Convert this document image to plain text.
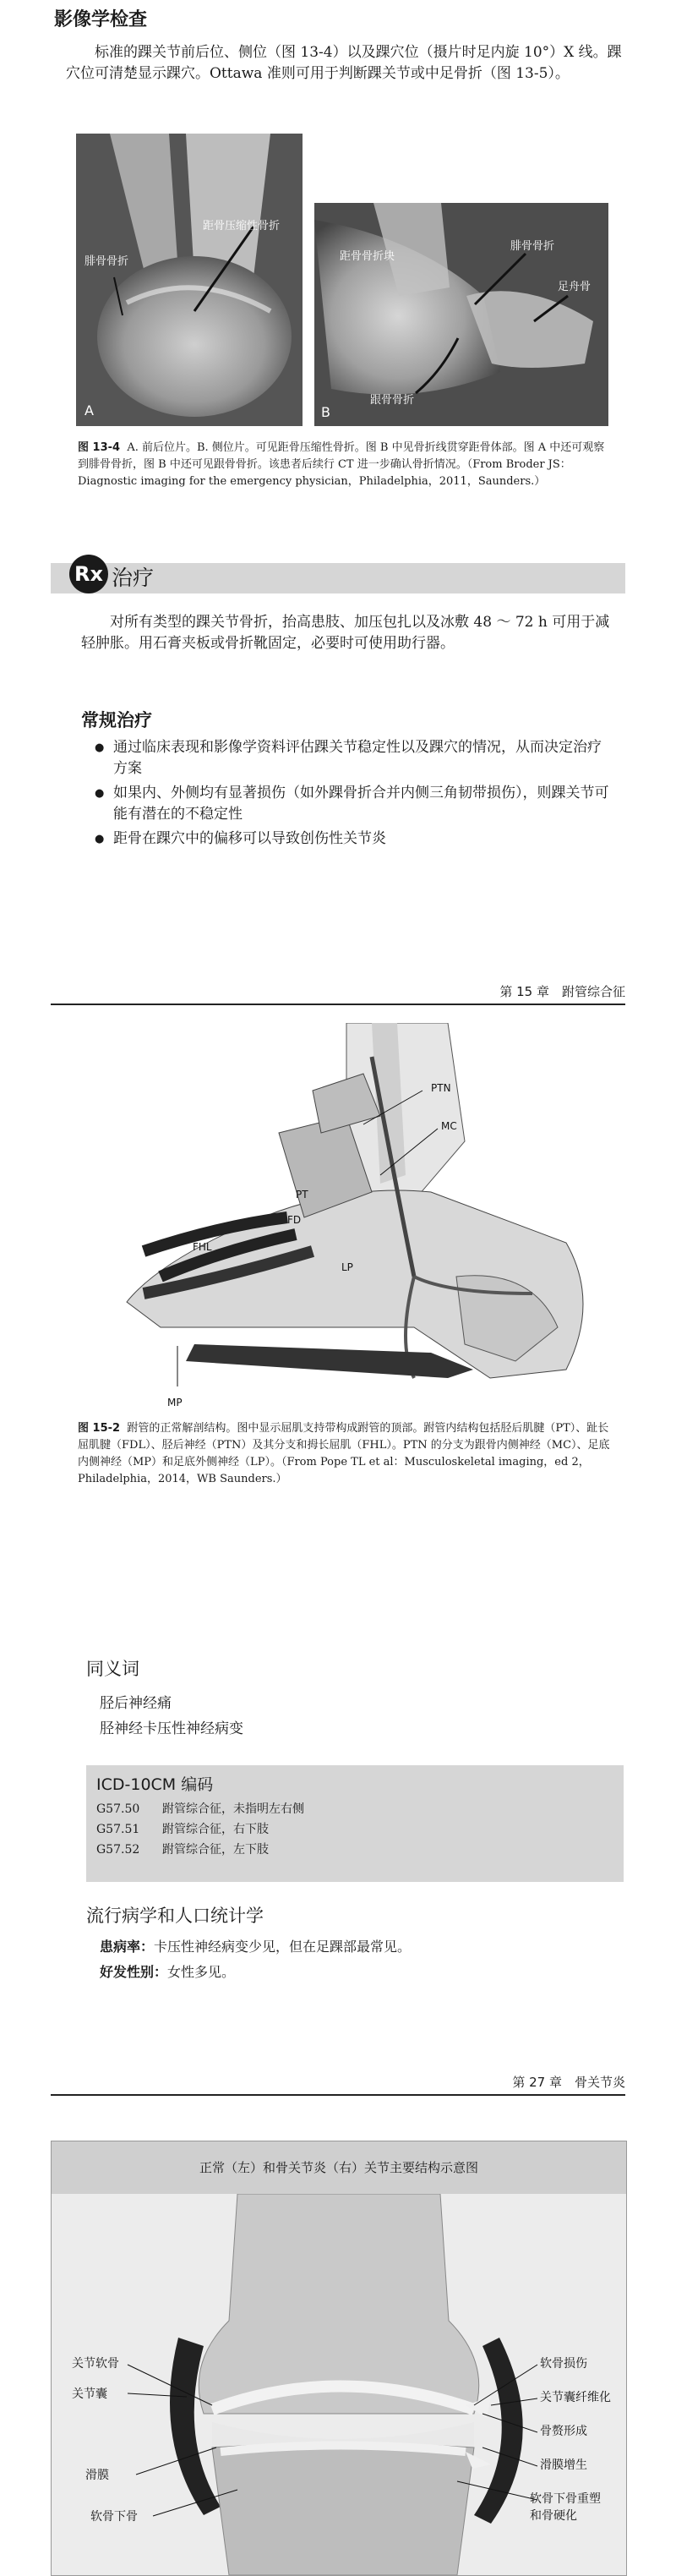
影像学检查

标准的踝关节前后位、侧位（图 13-4）以及踝穴位（摄片时足内旋 10°）X 线。踝穴位可清楚显示踝穴。Ottawa 准则可用于判断踝关节或中足骨折（图 13-5）。

腓骨骨折
距骨压缩性骨折
A
距骨骨折块
腓骨骨折
足舟骨
跟骨骨折
B

图 13-4 A. 前后位片。B. 侧位片。可见距骨压缩性骨折。图 B 中见骨折线贯穿距骨体部。图 A 中还可观察到腓骨骨折，图 B 中还可见跟骨骨折。该患者后续行 CT 进一步确认骨折情况。（From Broder JS：Diagnostic imaging for the emergency physician，Philadelphia，2011，Saunders.）

Rx 治疗

对所有类型的踝关节骨折，抬高患肢、加压包扎以及冰敷 48 ～ 72 h 可用于减轻肿胀。用石膏夹板或骨折靴固定，必要时可使用助行器。

常规治疗

● 通过临床表现和影像学资料评估踝关节稳定性以及踝穴的情况，从而决定治疗方案

● 如果内、外侧均有显著损伤（如外踝骨折合并内侧三角韧带损伤），则踝关节可能有潜在的不稳定性

● 距骨在踝穴中的偏移可以导致创伤性关节炎

第 15 章　跗管综合征
PTN
MC
PT
FD
FHL
LP
MP

图 15-2 跗管的正常解剖结构。图中显示屈肌支持带构成跗管的顶部。跗管内结构包括胫后肌腱（PT）、趾长屈肌腱（FDL）、胫后神经（PTN）及其分支和拇长屈肌（FHL）。PTN 的分支为跟骨内侧神经（MC）、足底内侧神经（MP）和足底外侧神经（LP）。（From Pope TL et al：Musculoskeletal imaging，ed 2，Philadelphia，2014，WB Saunders.）

同义词
胫后神经痛
胫神经卡压性神经病变
ICD-10CM 编码
G57.50	跗管综合征，未指明左右侧
G57.51	跗管综合征，右下肢
G57.52	跗管综合征，左下肢
流行病学和人口统计学
患病率：卡压性神经病变少见，但在足踝部最常见。
好发性别：女性多见。
第 27 章　骨关节炎
正常（左）和骨关节炎（右）关节主要结构示意图
关节软骨
关节囊
滑膜
软骨下骨
软骨损伤
关节囊纤维化
骨赘形成
滑膜增生
软骨下骨重塑
和骨硬化
